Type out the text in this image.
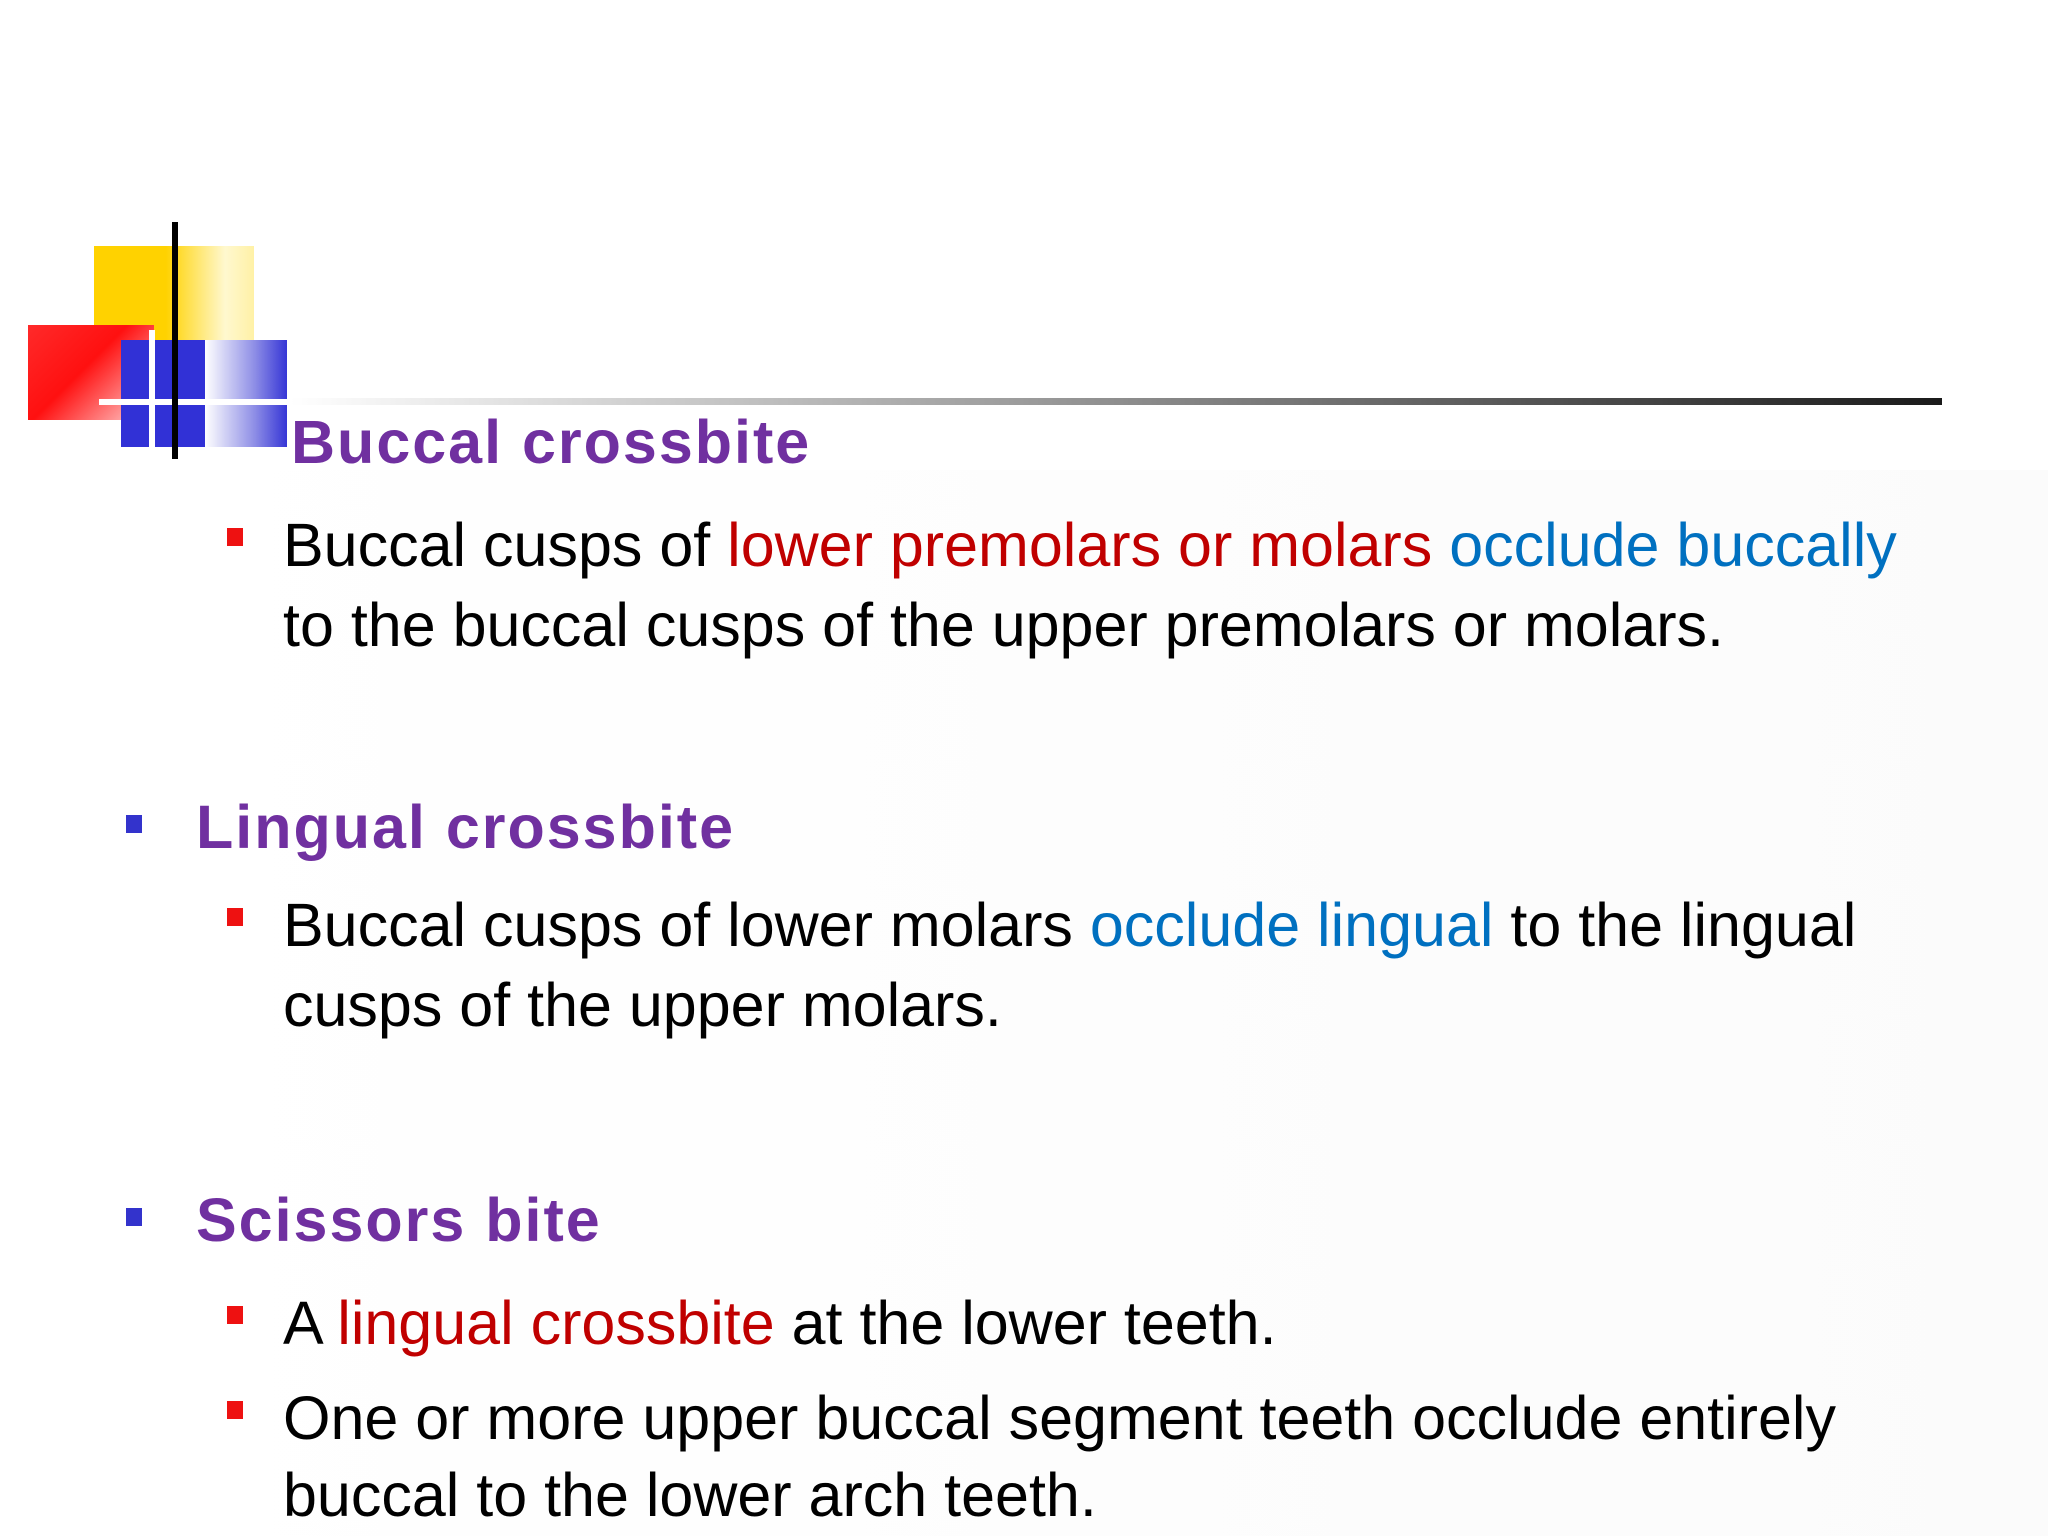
Buccal crossbite
Buccal cusps of lower premolars or molars occlude buccally
to the buccal cusps of the upper premolars or molars.
Lingual crossbite
Buccal cusps of lower molars occlude lingual to the lingual
cusps of the upper molars.
Scissors bite
A lingual crossbite at the lower teeth.
One or more upper buccal segment teeth occlude entirely
buccal to the lower arch teeth.
